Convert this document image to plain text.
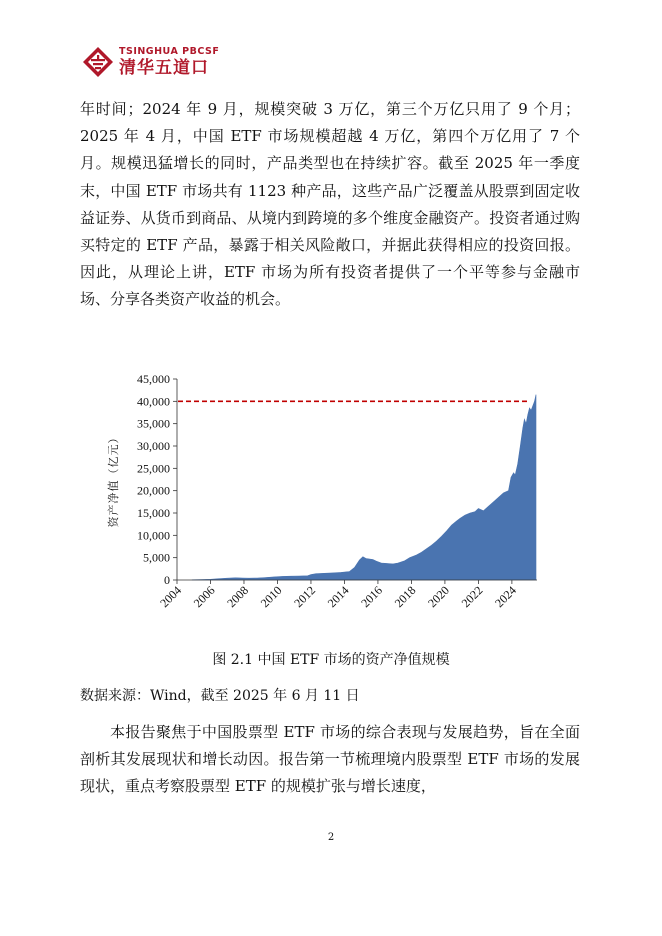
TSINGHUA PBCSF
清华五道口

年时间；2024 年 9 月，规模突破 3 万亿，第三个万亿只用了 9 个月；2025 年 4 月，中国 ETF 市场规模超越 4 万亿，第四个万亿用了 7 个月。规模迅猛增长的同时，产品类型也在持续扩容。截至 2025 年一季度末，中国 ETF 市场共有 1123 种产品，这些产品广泛覆盖从股票到固定收益证券、从货币到商品、从境内到跨境的多个维度金融资产。投资者通过购买特定的 ETF 产品，暴露于相关风险敞口，并据此获得相应的投资回报。因此，从理论上讲，ETF 市场为所有投资者提供了一个平等参与金融市场、分享各类资产收益的机会。

0
5,000
10,000
15,000
20,000
25,000
30,000
35,000
40,000
45,000
2004 2006 2008 2010 2012 2014 2016 2018 2020 2022 2024
资产净值（亿元）
图 2.1 中国 ETF 市场的资产净值规模
数据来源：Wind，截至 2025 年 6 月 11 日

本报告聚焦于中国股票型 ETF 市场的综合表现与发展趋势，旨在全面剖析其发展现状和增长动因。报告第一节梳理境内股票型 ETF 市场的发展现状，重点考察股票型 ETF 的规模扩张与增长速度，

2
